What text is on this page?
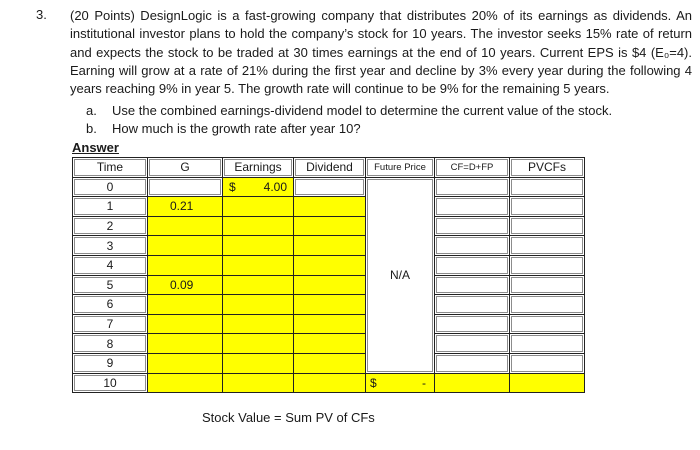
3. (20 Points) DesignLogic is a fast-growing company that distributes 20% of its earnings as dividends. An institutional investor plans to hold the company’s stock for 10 years. The investor seeks 15% rate of return and expects the stock to be traded at 30 times earnings at the end of 10 years. Current EPS is $4 (E₀=4). Earning will grow at a rate of 21% during the first year and decline by 3% every year during the following 4 years reaching 9% in year 5. The growth rate will continue to be 9% for the remaining 5 years.
a. Use the combined earnings-dividend model to determine the current value of the stock.
b. How much is the growth rate after year 10?
Answer
Time	G	Earnings	Dividend	Future Price	CF=D+FP	PVCFs
0		$ 4.00		N/A		
1	0.21					
2						
3						
4						
5	0.09					
6						
7						
8						
9						
10				$ -		

Stock Value = Sum PV of CFs
